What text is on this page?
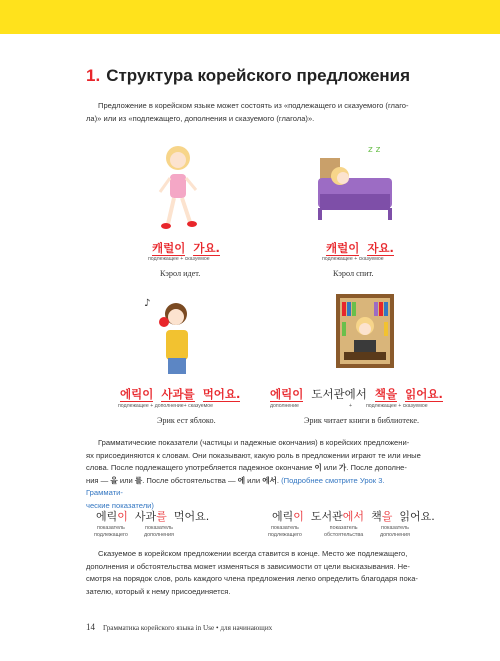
1. Структура корейского предложения
Предложение в корейском языке может состоять из «подлежащего и сказуемого (глаго-
ла)» или из «подлежащего, дополнения и сказуемого (глагола)».
z z
캐럴이 가요.
подлежащее + сказуемое
Кэрол идет.
캐럴이 자요.
подлежащее + сказуемое
Кэрол спит.
♪
에릭이 사과를 먹어요.
подлежащее + дополнение+ сказуемое
Эрик ест яблоко.
에릭이 도서관에서 책을 읽어요.
дополнение	+	подлежащее + сказуемое
Эрик читает книги в библиотеке.
Грамматические показатели (частицы и падежные окончания) в корейских предложени-
ях присоединяются к словам. Они показывают, какую роль в предложении играют те или иные
слова. После подлежащего употребляется падежное окончание 이 или 가. После дополне-
ния — 을 или 를. После обстоятельства — 에 или 에서. (Подробнее смотрите Урок 3. Граммати-
ческие показатели)
에릭이 사과를 먹어요.
показатель
подлежащего
показатель
дополнения
에릭이 도서관에서 책을 읽어요.
показатель
подлежащего
показатель
обстоятельства
показатель
дополнения
Сказуемое в корейском предложении всегда ставится в конце. Место же подлежащего,
дополнения и обстоятельства может изменяться в зависимости от цели высказывания. Не-
смотря на порядок слов, роль каждого члена предложения легко определить благодаря пока-
зателю, который к нему присоединяется.
14 Грамматика корейского языка in Use • для начинающих
